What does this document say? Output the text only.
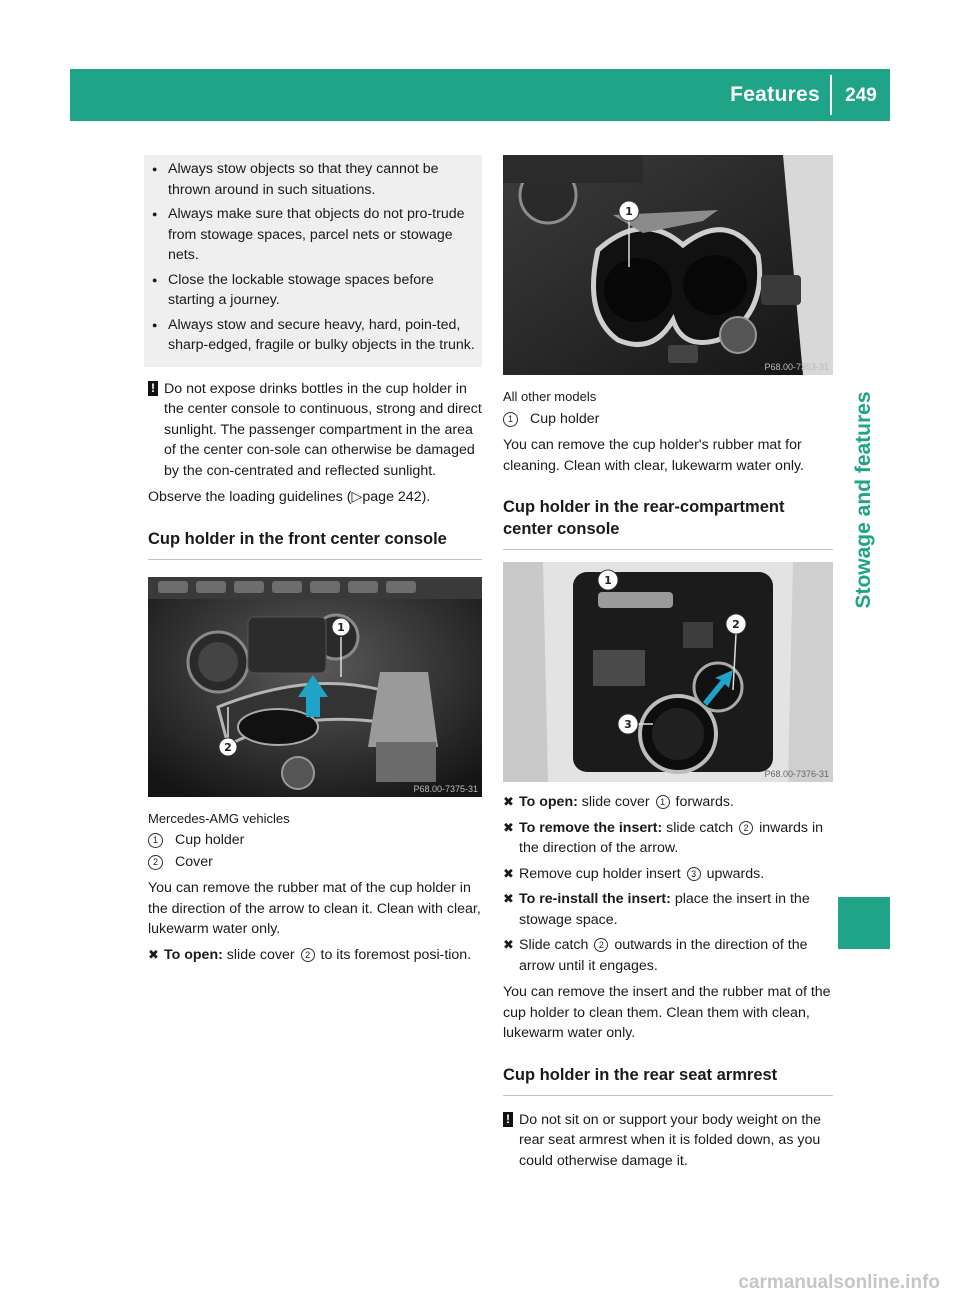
Features	249
Stowage and features
● Always stow objects so that they cannot be thrown around in such situations.
● Always make sure that objects do not pro-trude from stowage spaces, parcel nets or stowage nets.
● Close the lockable stowage spaces before starting a journey.
● Always stow and secure heavy, hard, poin-ted, sharp-edged, fragile or bulky objects in the trunk.
! Do not expose drinks bottles in the cup holder in the center console to continuous, strong and direct sunlight. The passenger compartment in the area of the center con-sole can otherwise be damaged by the con-centrated and reflected sunlight.

Observe the loading guidelines (▷page 242).

Cup holder in the front center console
1
2
P68.00-7375-31
Mercedes-AMG vehicles
1	Cup holder
2	Cover

You can remove the rubber mat of the cup holder in the direction of the arrow to clean it. Clean with clear, lukewarm water only.

✖ To open: slide cover 2 to its foremost posi-tion.
1
P68.00-7353-31
All other models
1	Cup holder

You can remove the cup holder's rubber mat for cleaning. Clean with clear, lukewarm water only.

Cup holder in the rear-compartment center console
1
2
3
P68.00-7376-31
✖ To open: slide cover 1 forwards.
✖ To remove the insert: slide catch 2 inwards in the direction of the arrow.
✖ Remove cup holder insert 3 upwards.
✖ To re-install the insert: place the insert in the stowage space.
✖ Slide catch 2 outwards in the direction of the arrow until it engages.

You can remove the insert and the rubber mat of the cup holder to clean them. Clean them with clean, lukewarm water only.

Cup holder in the rear seat armrest
! Do not sit on or support your body weight on the rear seat armrest when it is folded down, as you could otherwise damage it.
carmanualsonline.info
